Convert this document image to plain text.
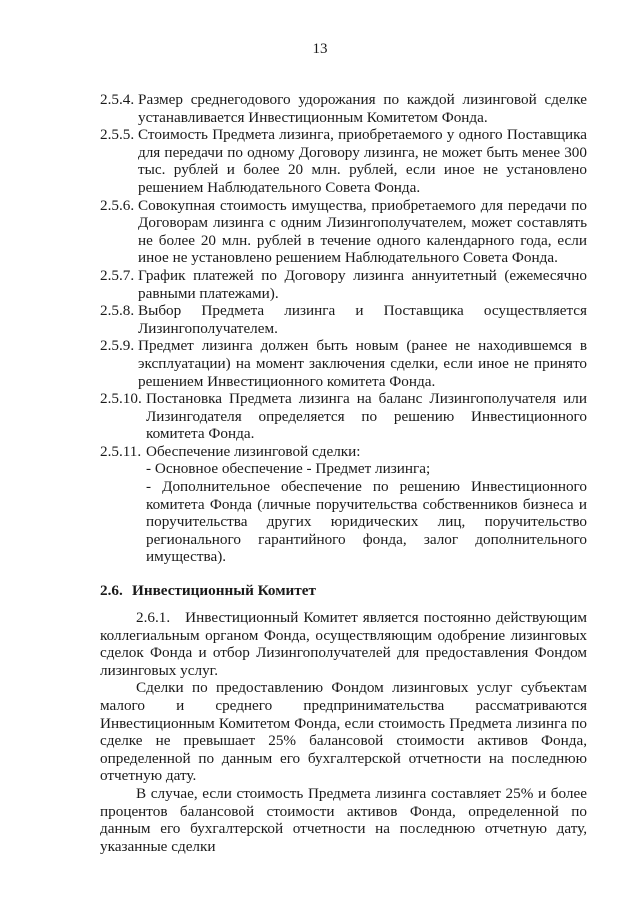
13
2.5.4. Размер среднегодового удорожания по каждой лизинговой сделке устанавливается Инвестиционным Комитетом Фонда.
2.5.5. Стоимость Предмета лизинга, приобретаемого у одного Поставщика для передачи по одному Договору лизинга, не может быть менее 300 тыс. рублей и более 20 млн. рублей, если иное не установлено решением Наблюдательного Совета Фонда.
2.5.6. Совокупная стоимость имущества, приобретаемого для передачи по Договорам лизинга с одним Лизингополучателем, может составлять не более 20 млн. рублей в течение одного календарного года, если иное не установлено решением Наблюдательного Совета Фонда.
2.5.7. График платежей по Договору лизинга аннуитетный (ежемесячно равными платежами).
2.5.8. Выбор Предмета лизинга и Поставщика осуществляется Лизингополучателем.
2.5.9. Предмет лизинга должен быть новым (ранее не находившемся в эксплуатации) на момент заключения сделки, если иное не принято решением Инвестиционного комитета Фонда.
2.5.10. Постановка Предмета лизинга на баланс Лизингополучателя или Лизингодателя определяется по решению Инвестиционного комитета Фонда.
2.5.11. Обеспечение лизинговой сделки:
- Основное обеспечение - Предмет лизинга;
- Дополнительное обеспечение по решению Инвестиционного комитета Фонда (личные поручительства собственников бизнеса и поручительства других юридических лиц, поручительство регионального гарантийного фонда, залог дополнительного имущества).
2.6. Инвестиционный Комитет

2.6.1. Инвестиционный Комитет является постоянно действующим коллегиальным органом Фонда, осуществляющим одобрение лизинговых сделок Фонда и отбор Лизингополучателей для предоставления Фондом лизинговых услуг.

Сделки по предоставлению Фондом лизинговых услуг субъектам малого и среднего предпринимательства рассматриваются Инвестиционным Комитетом Фонда, если стоимость Предмета лизинга по сделке не превышает 25% балансовой стоимости активов Фонда, определенной по данным его бухгалтерской отчетности на последнюю отчетную дату.

В случае, если стоимость Предмета лизинга составляет 25% и более процентов балансовой стоимости активов Фонда, определенной по данным его бухгалтерской отчетности на последнюю отчетную дату, указанные сделки
